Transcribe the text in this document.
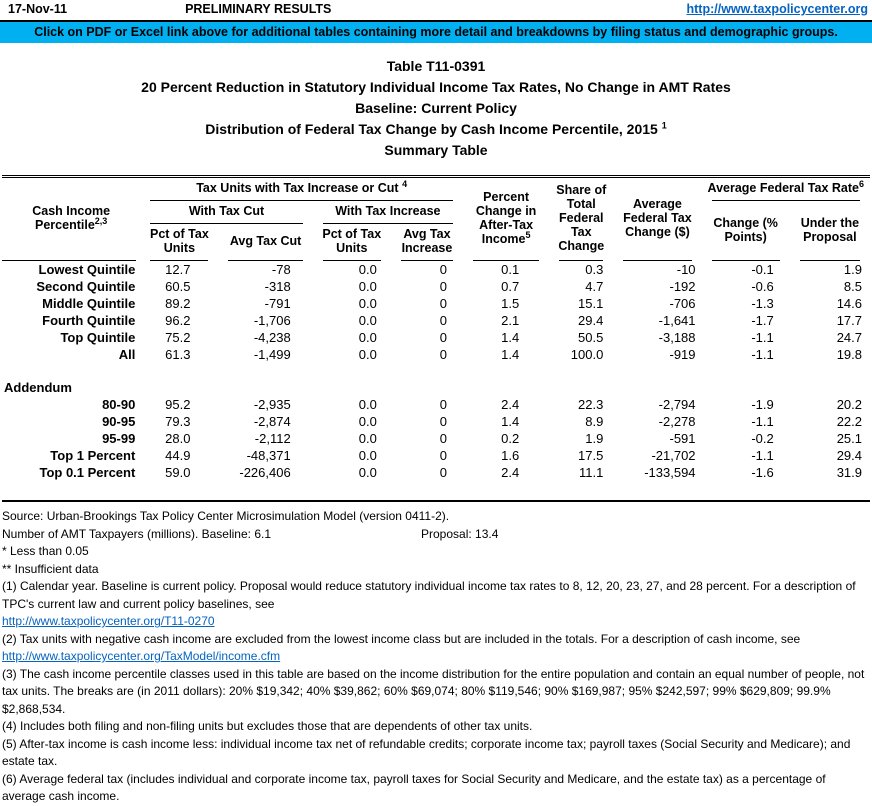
17-Nov-11	PRELIMINARY RESULTS	http://www.taxpolicycenter.org
Click on PDF or Excel link above for additional tables containing more detail and breakdowns by filing status and demographic groups.
Table T11-0391
20 Percent Reduction in Statutory Individual Income Tax Rates, No Change in AMT Rates
Baseline: Current Policy
Distribution of Federal Tax Change by Cash Income Percentile, 2015 $^1$
Summary Table
Cash Income
Percentile$^{2,3}$	Tax Units with Tax Increase or Cut $^4$				Percent Change in After-Tax Income$^5$	Share of Total Federal Tax Change	Average Federal Tax Change ($)	Average Federal Tax Rate$^6$
	With Tax Cut		With Tax Increase					Change (% Points)	Under the Proposal
	Pct of Tax Units	Avg Tax Cut	Pct of Tax Units	Avg Tax Increase					
Lowest Quintile	12.7	-78	0.0	0	0.1	0.3	-10	-0.1	1.9
Second Quintile	60.5	-318	0.0	0	0.7	4.7	-192	-0.6	8.5
Middle Quintile	89.2	-791	0.0	0	1.5	15.1	-706	-1.3	14.6
Fourth Quintile	96.2	-1,706	0.0	0	2.1	29.4	-1,641	-1.7	17.7
Top Quintile	75.2	-4,238	0.0	0	1.4	50.5	-3,188	-1.1	24.7
All	61.3	-1,499	0.0	0	1.4	100.0	-919	-1.1	19.8

Addendum									
80-90	95.2	-2,935	0.0	0	2.4	22.3	-2,794	-1.9	20.2
90-95	79.3	-2,874	0.0	0	1.4	8.9	-2,278	-1.1	22.2
95-99	28.0	-2,112	0.0	0	0.2	1.9	-591	-0.2	25.1
Top 1 Percent	44.9	-48,371	0.0	0	1.6	17.5	-21,702	-1.1	29.4
Top 0.1 Percent	59.0	-226,406	0.0	0	2.4	11.1	-133,594	-1.6	31.9

Source: Urban-Brookings Tax Policy Center Microsimulation Model (version 0411-2).
Number of AMT Taxpayers (millions). Baseline: 6.1	Proposal: 13.4
* Less than 0.05
** Insufficient data
(1) Calendar year. Baseline is current policy. Proposal would reduce statutory individual income tax rates to 8, 12, 20, 23, 27, and 28 percent. For a description of TPC's current law and current policy baselines, see
http://www.taxpolicycenter.org/T11-0270
(2) Tax units with negative cash income are excluded from the lowest income class but are included in the totals. For a description of cash income, see
http://www.taxpolicycenter.org/TaxModel/income.cfm
(3) The cash income percentile classes used in this table are based on the income distribution for the entire population and contain an equal number of people, not tax units. The breaks are (in 2011 dollars): 20% $19,342; 40% $39,862; 60% $69,074; 80% $119,546; 90% $169,987; 95% $242,597; 99% $629,809; 99.9% $2,868,534.
(4) Includes both filing and non-filing units but excludes those that are dependents of other tax units.
(5) After-tax income is cash income less: individual income tax net of refundable credits; corporate income tax; payroll taxes (Social Security and Medicare); and estate tax.
(6) Average federal tax (includes individual and corporate income tax, payroll taxes for Social Security and Medicare, and the estate tax) as a percentage of average cash income.
